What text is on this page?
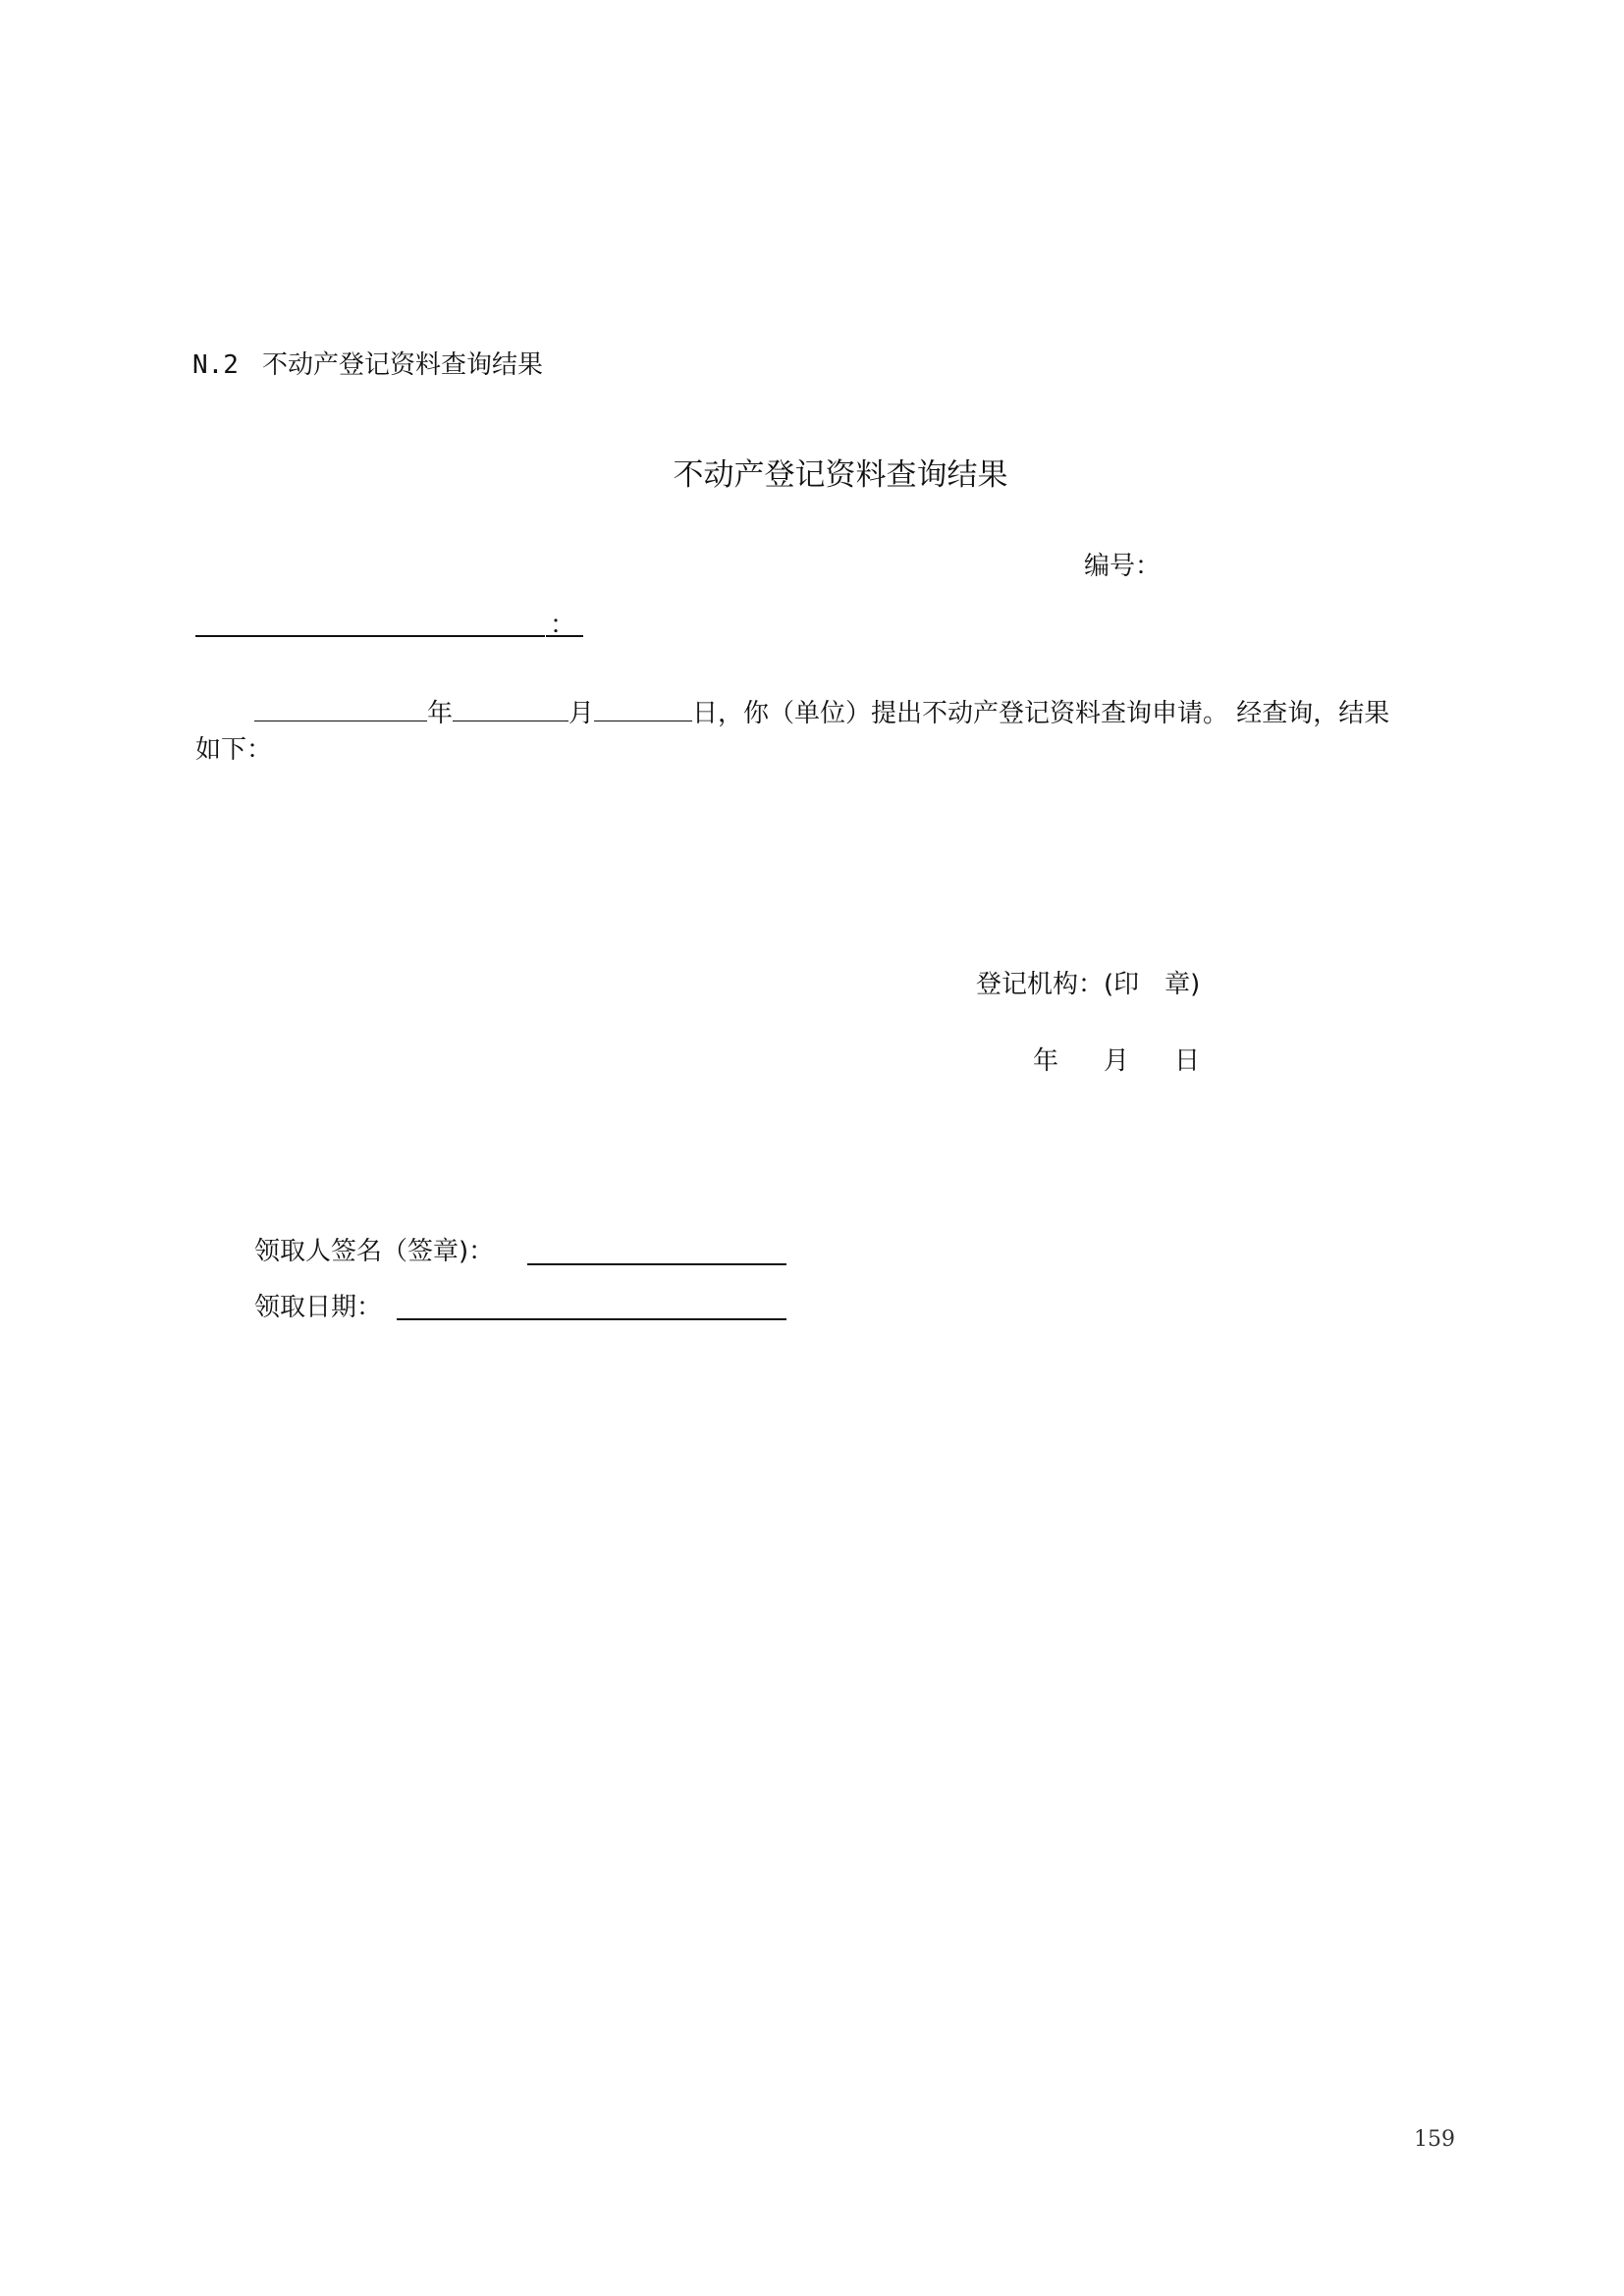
N.2 不动产登记资料查询结果
不动产登记资料查询结果
编号：
：
年	月	日，你（单位）提出不动产登记资料查询申请。 经查询，结果
如下：
登记机构：(印　章)
年 月 日
领取人签名（签章)：
领取日期：
159
